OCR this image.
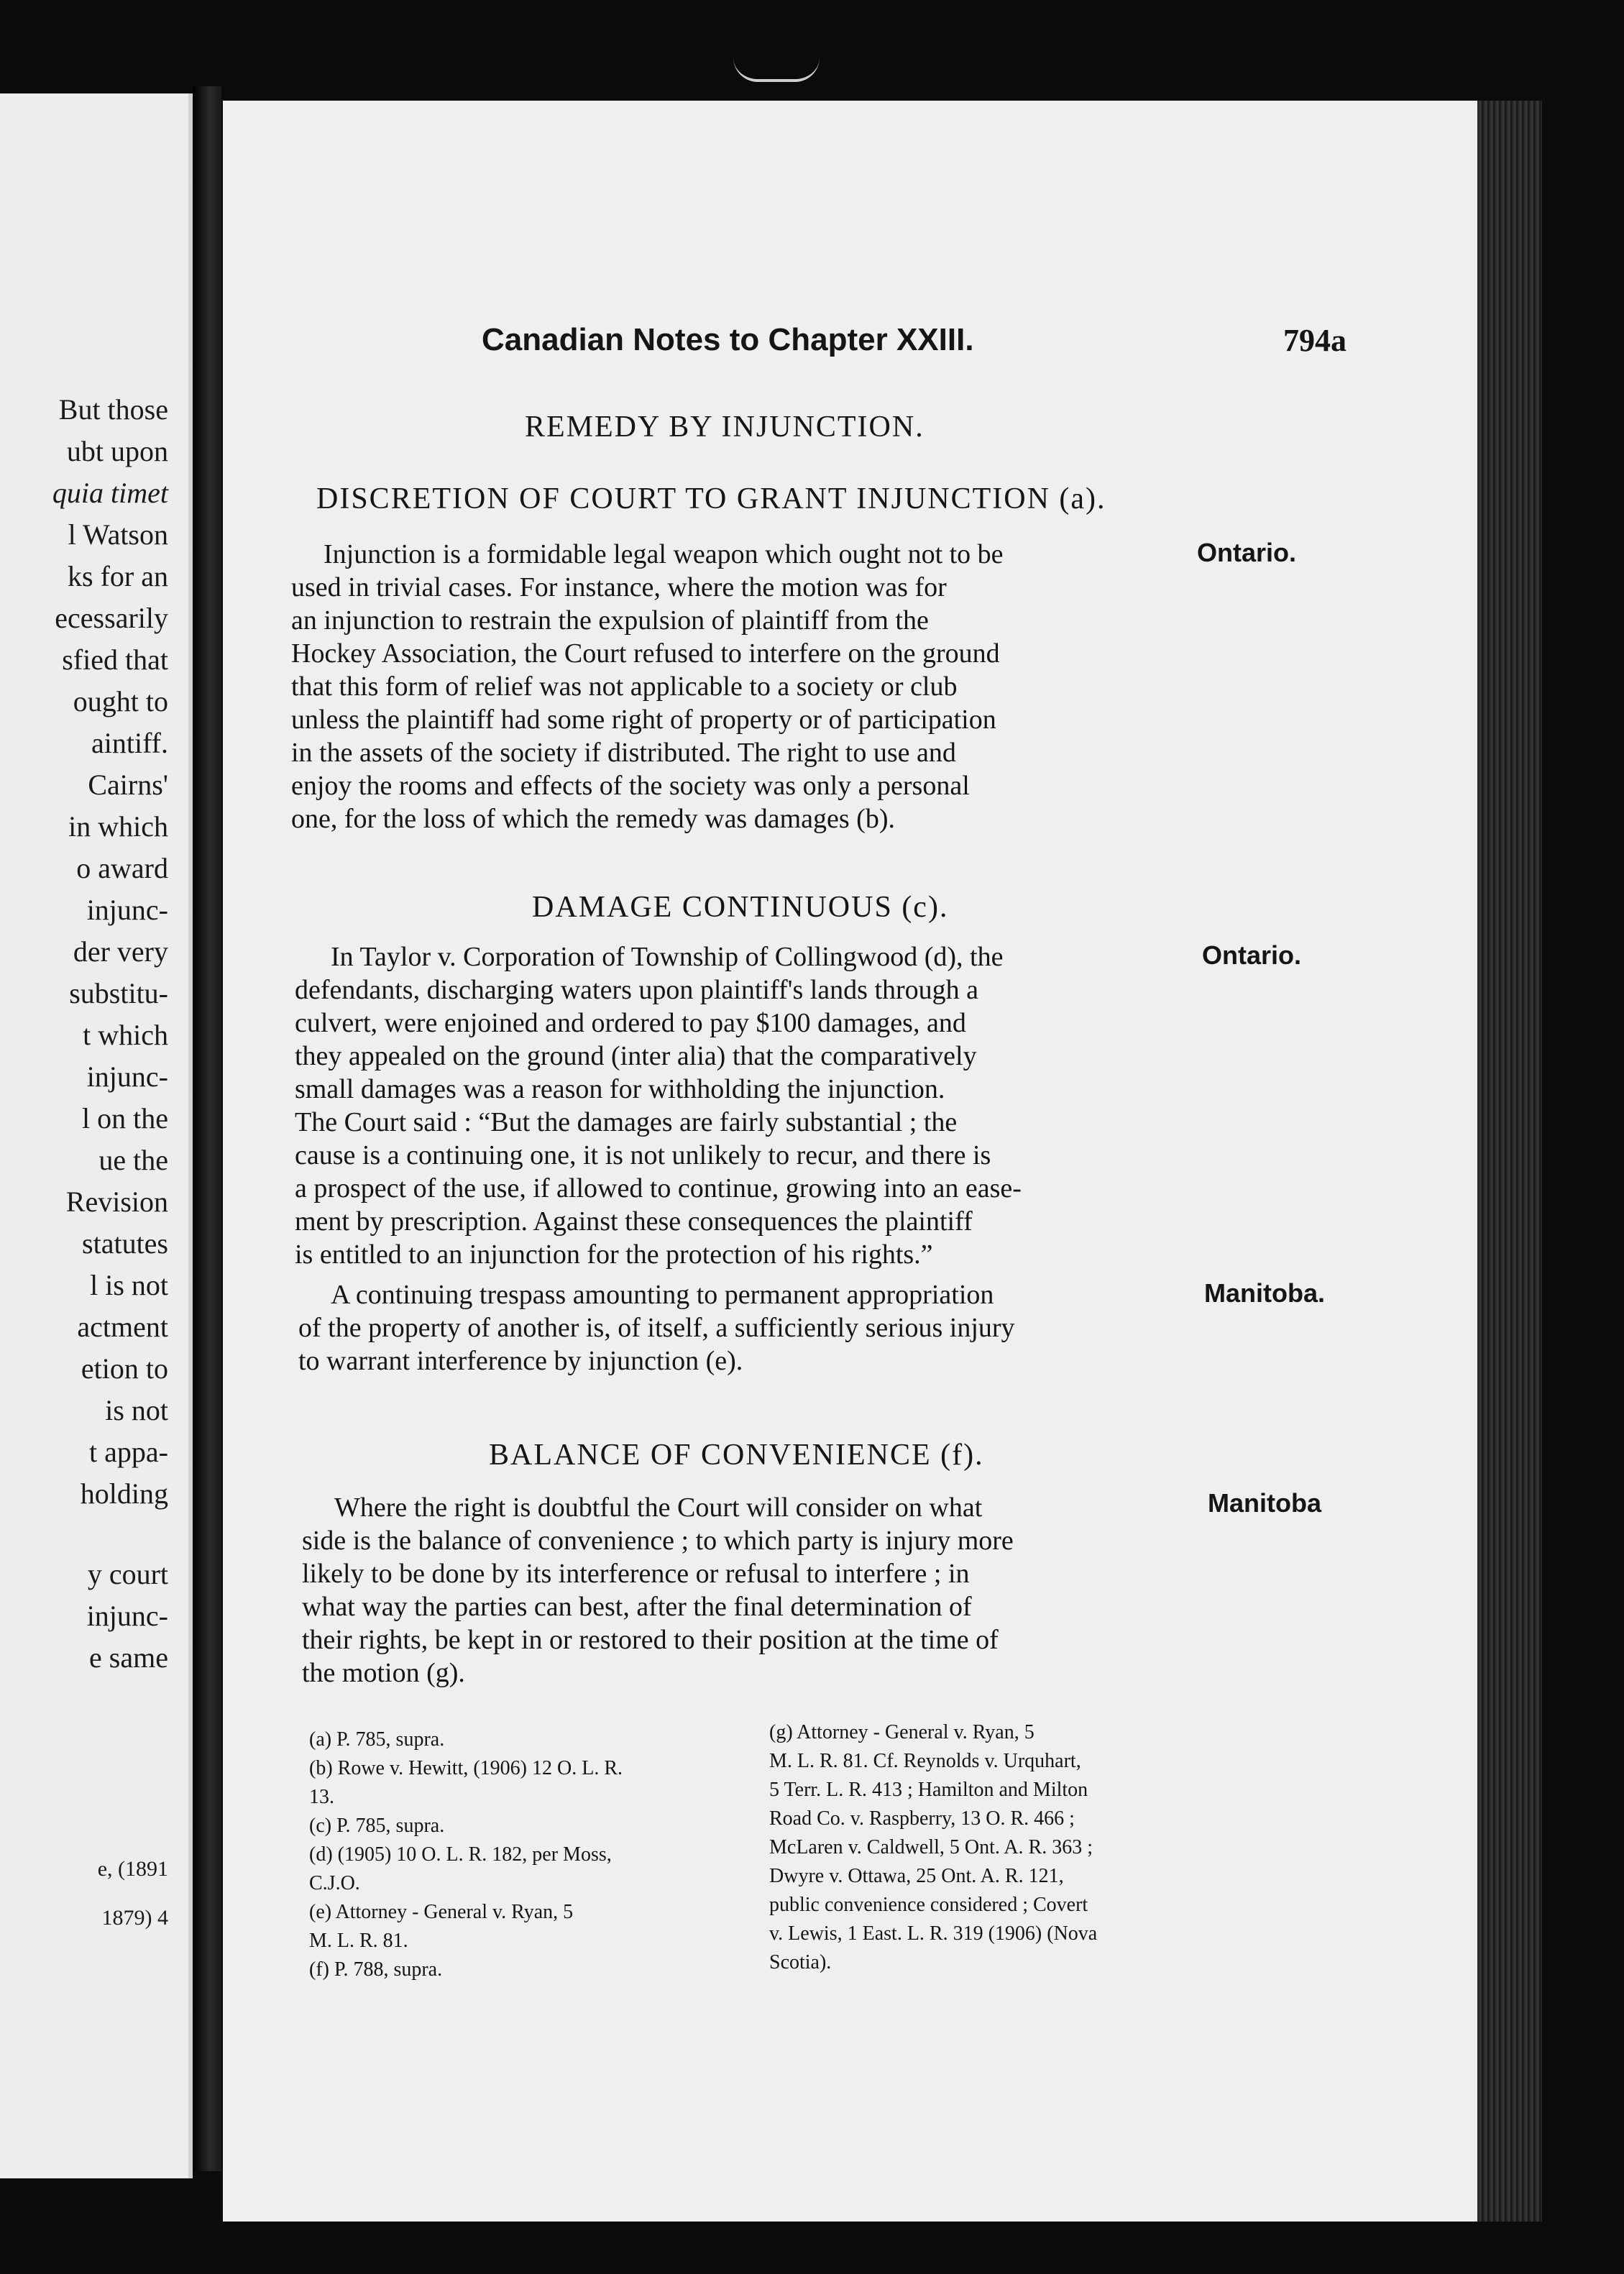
But those
ubt upon
quia timet
l Watson
ks for an
ecessarily
sfied that
ought to
aintiff.
Cairns'
in which
o award
injunc-
der very
substitu-
t which
injunc-
l on the
ue the
Revision
statutes
l is not
actment
etion to
is not
t appa-
holding
y court
injunc-
e same
e, (1891
1879) 4
Canadian Notes to Chapter XXIII.	794a
REMEDY BY INJUNCTION.
DISCRETION OF COURT TO GRANT INJUNCTION (a).
Ontario.
Injunction is a formidable legal weapon which ought not to be
used in trivial cases. For instance, where the motion was for
an injunction to restrain the expulsion of plaintiff from the
Hockey Association, the Court refused to interfere on the ground
that this form of relief was not applicable to a society or club
unless the plaintiff had some right of property or of participation
in the assets of the society if distributed. The right to use and
enjoy the rooms and effects of the society was only a personal
one, for the loss of which the remedy was damages (b).
DAMAGE CONTINUOUS (c).
Ontario.
In Taylor v. Corporation of Township of Collingwood (d), the
defendants, discharging waters upon plaintiff's lands through a
culvert, were enjoined and ordered to pay $100 damages, and
they appealed on the ground (inter alia) that the comparatively
small damages was a reason for withholding the injunction.
The Court said : “But the damages are fairly substantial ; the
cause is a continuing one, it is not unlikely to recur, and there is
a prospect of the use, if allowed to continue, growing into an ease-
ment by prescription. Against these consequences the plaintiff
is entitled to an injunction for the protection of his rights.”
Manitoba.
A continuing trespass amounting to permanent appropriation
of the property of another is, of itself, a sufficiently serious injury
to warrant interference by injunction (e).
BALANCE OF CONVENIENCE (f).
Manitoba
Where the right is doubtful the Court will consider on what
side is the balance of convenience ; to which party is injury more
likely to be done by its interference or refusal to interfere ; in
what way the parties can best, after the final determination of
their rights, be kept in or restored to their position at the time of
the motion (g).
(a) P. 785, supra.
(b) Rowe v. Hewitt, (1906) 12 O. L. R.
13.
(c) P. 785, supra.
(d) (1905) 10 O. L. R. 182, per Moss,
C.J.O.
(e) Attorney - General v. Ryan, 5
M. L. R. 81.
(f) P. 788, supra.
(g) Attorney - General v. Ryan, 5
M. L. R. 81. Cf. Reynolds v. Urquhart,
5 Terr. L. R. 413 ; Hamilton and Milton
Road Co. v. Raspberry, 13 O. R. 466 ;
McLaren v. Caldwell, 5 Ont. A. R. 363 ;
Dwyre v. Ottawa, 25 Ont. A. R. 121,
public convenience considered ; Covert
v. Lewis, 1 East. L. R. 319 (1906) (Nova
Scotia).
